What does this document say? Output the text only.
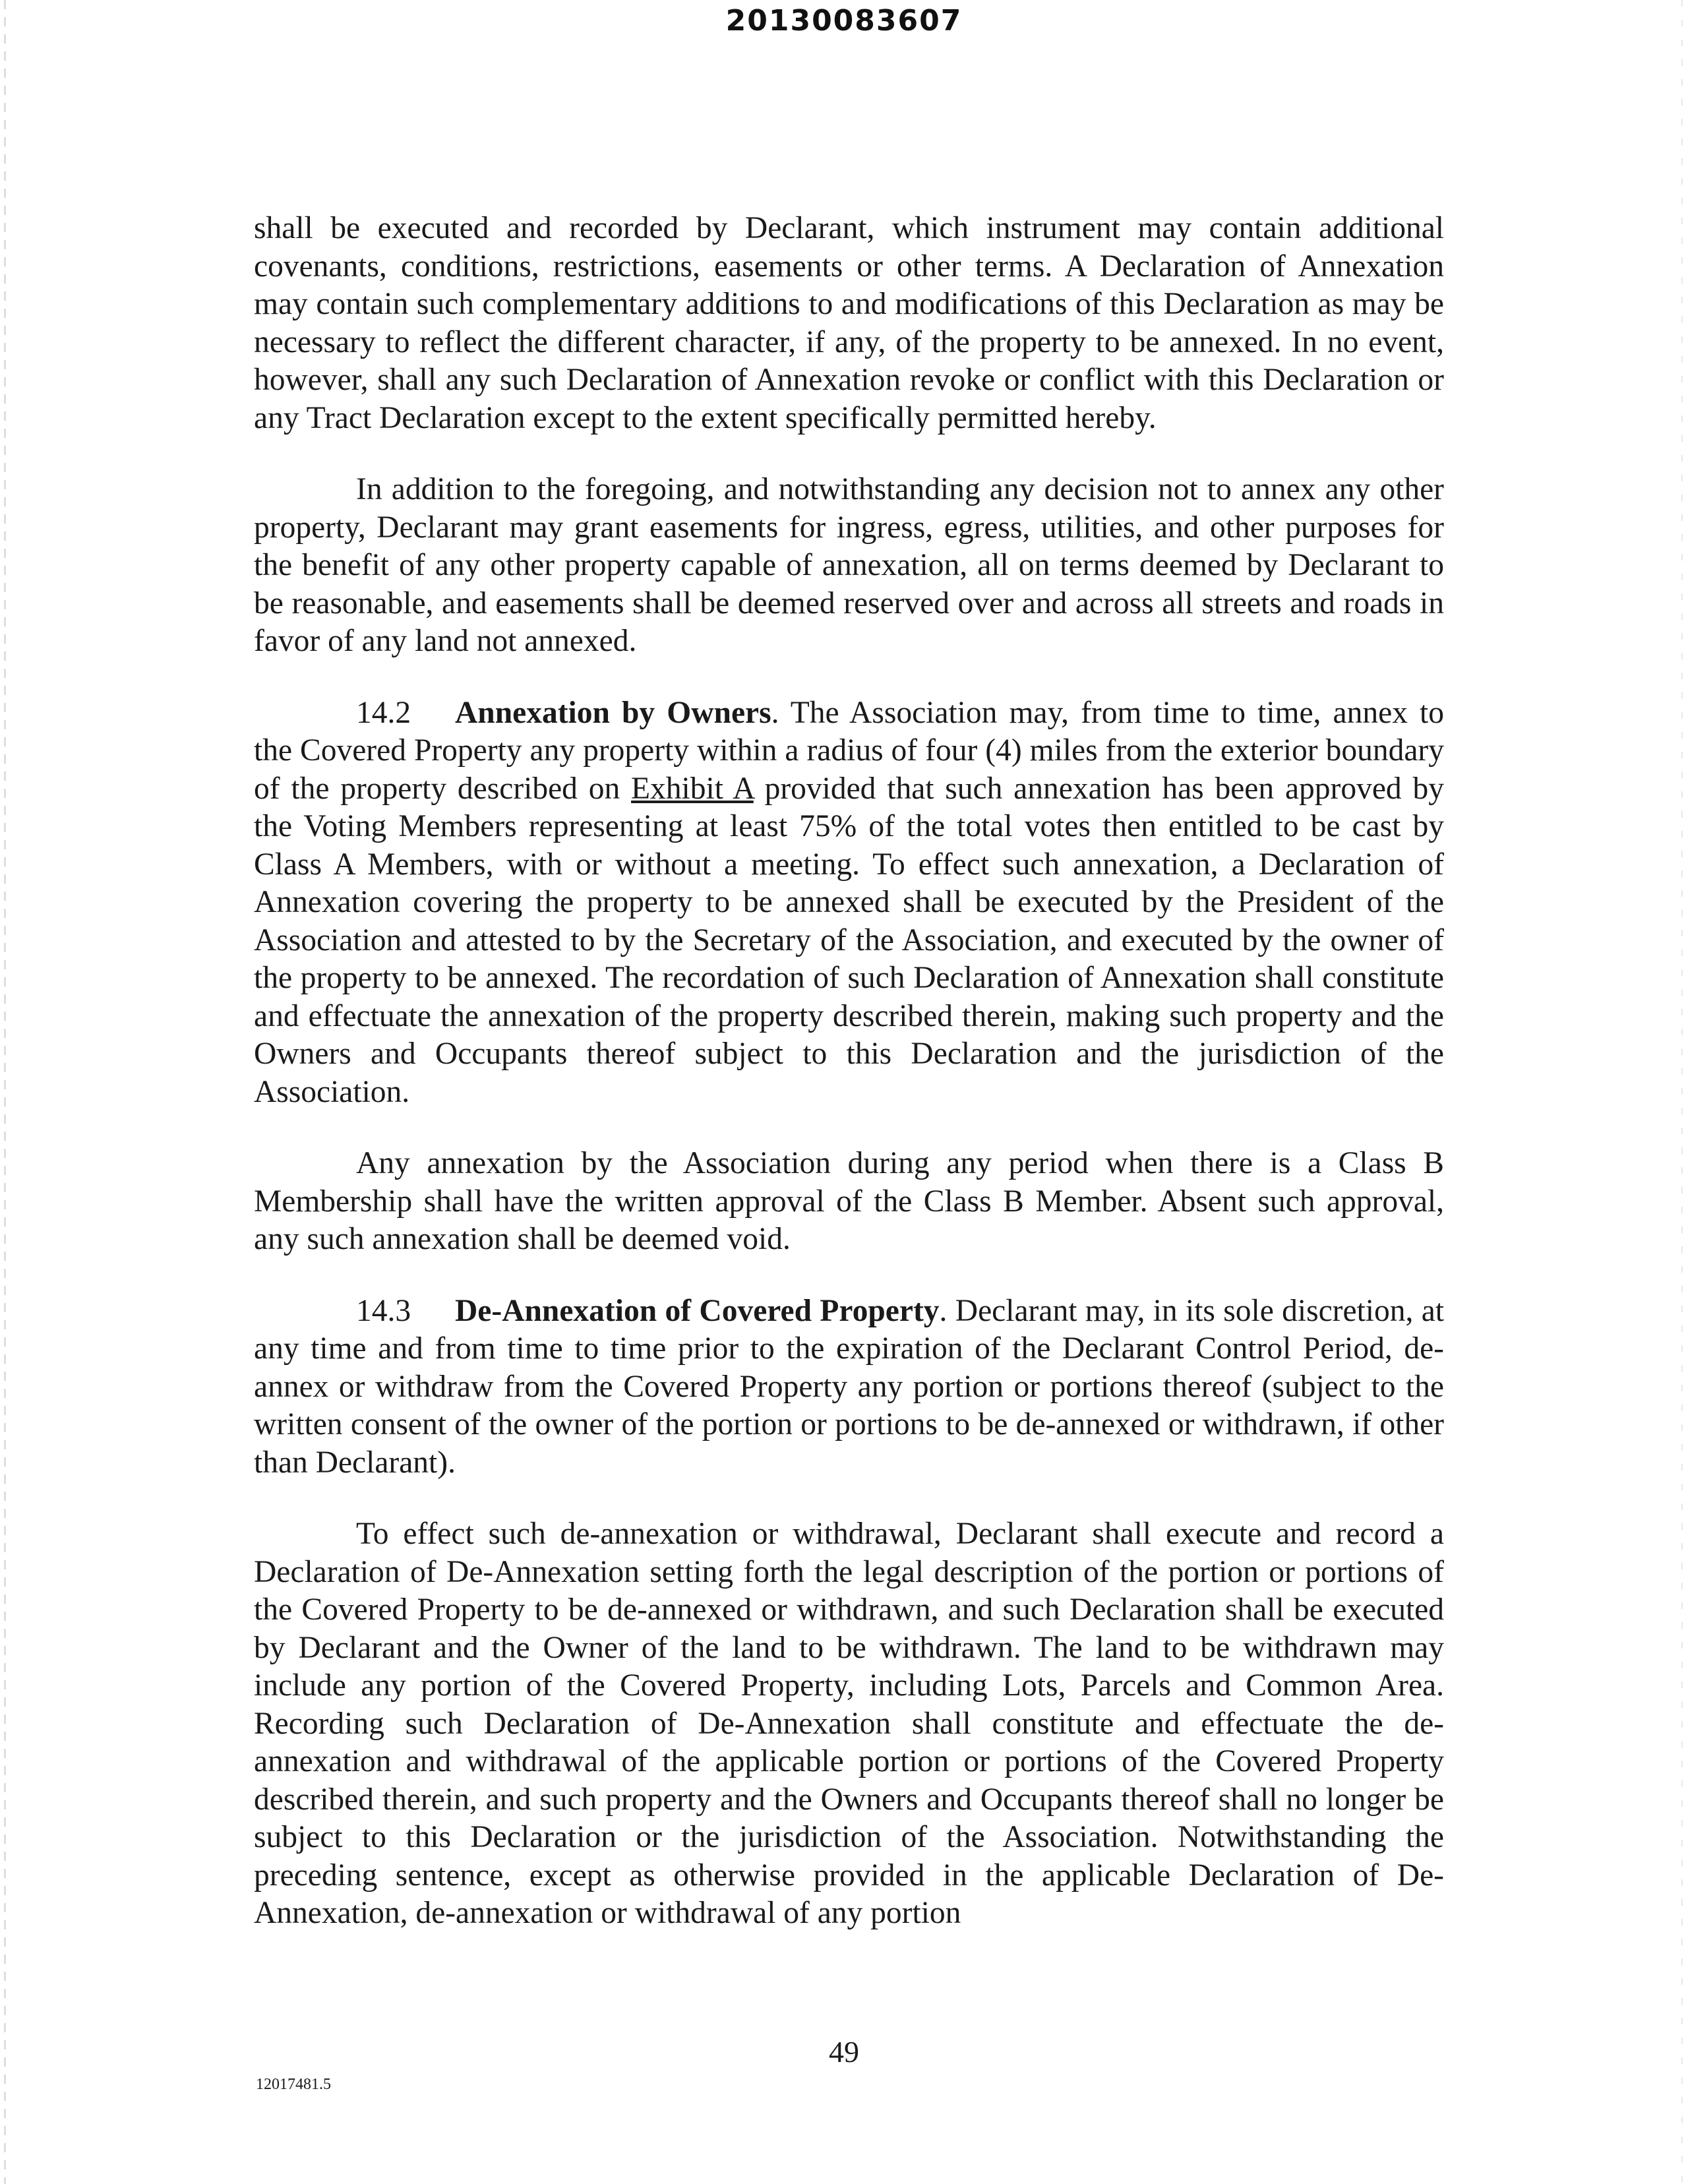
20130083607

shall be executed and recorded by Declarant, which instrument may contain additional covenants, conditions, restrictions, easements or other terms. A Declaration of Annexation may contain such complementary additions to and modifications of this Declaration as may be necessary to reflect the different character, if any, of the property to be annexed. In no event, however, shall any such Declaration of Annexation revoke or conflict with this Declaration or any Tract Declaration except to the extent specifically permitted hereby.

In addition to the foregoing, and notwithstanding any decision not to annex any other property, Declarant may grant easements for ingress, egress, utilities, and other purposes for the benefit of any other property capable of annexation, all on terms deemed by Declarant to be reasonable, and easements shall be deemed reserved over and across all streets and roads in favor of any land not annexed.

14.2 Annexation by Owners. The Association may, from time to time, annex to the Covered Property any property within a radius of four (4) miles from the exterior boundary of the property described on Exhibit A provided that such annexation has been approved by the Voting Members representing at least 75% of the total votes then entitled to be cast by Class A Members, with or without a meeting. To effect such annexation, a Declaration of Annexation covering the property to be annexed shall be executed by the President of the Association and attested to by the Secretary of the Association, and executed by the owner of the property to be annexed. The recordation of such Declaration of Annexation shall constitute and effectuate the annexation of the property described therein, making such property and the Owners and Occupants thereof subject to this Declaration and the jurisdiction of the Association.

Any annexation by the Association during any period when there is a Class B Membership shall have the written approval of the Class B Member. Absent such approval, any such annexation shall be deemed void.

14.3 De-Annexation of Covered Property. Declarant may, in its sole discretion, at any time and from time to time prior to the expiration of the Declarant Control Period, de-annex or withdraw from the Covered Property any portion or portions thereof (subject to the written consent of the owner of the portion or portions to be de-annexed or withdrawn, if other than Declarant).

To effect such de-annexation or withdrawal, Declarant shall execute and record a Declaration of De-Annexation setting forth the legal description of the portion or portions of the Covered Property to be de-annexed or withdrawn, and such Declaration shall be executed by Declarant and the Owner of the land to be withdrawn. The land to be withdrawn may include any portion of the Covered Property, including Lots, Parcels and Common Area. Recording such Declaration of De-Annexation shall constitute and effectuate the de-annexation and withdrawal of the applicable portion or portions of the Covered Property described therein, and such property and the Owners and Occupants thereof shall no longer be subject to this Declaration or the jurisdiction of the Association. Notwithstanding the preceding sentence, except as otherwise provided in the applicable Declaration of De-Annexation, de-annexation or withdrawal of any portion

49
12017481.5
